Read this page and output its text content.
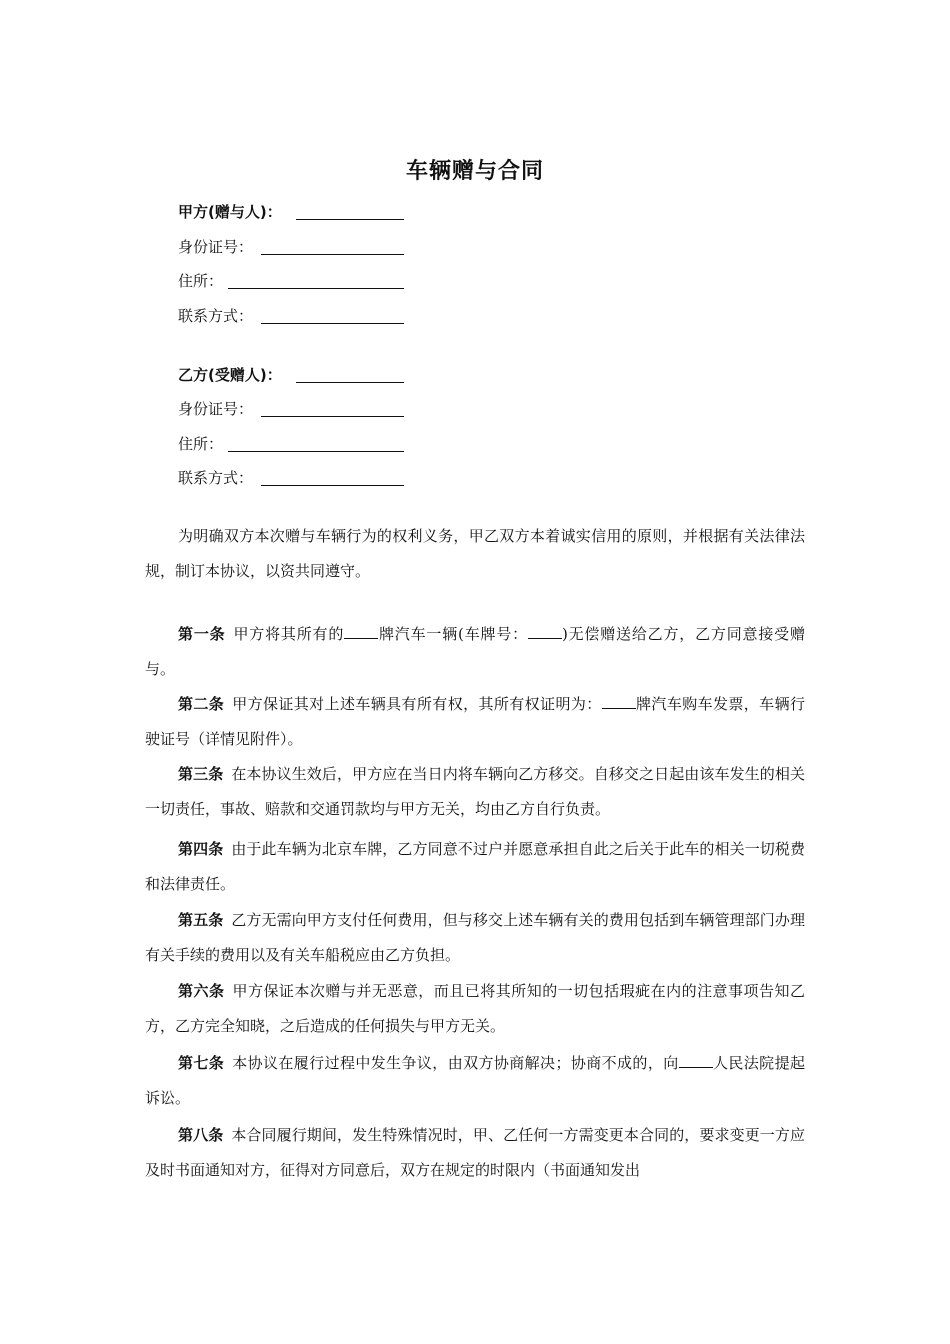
车辆赠与合同
甲方(赠与人)：
身份证号：
住所：
联系方式：
乙方(受赠人)：
身份证号：
住所：
联系方式：
为明确双方本次赠与车辆行为的权利义务，甲乙双方本着诚实信用的原则，并根据有关法律法规，制订本协议，以资共同遵守。
第一条 甲方将其所有的 牌汽车一辆(车牌号： )无偿赠送给乙方，乙方同意接受赠与。
第二条 甲方保证其对上述车辆具有所有权，其所有权证明为： 牌汽车购车发票，车辆行驶证号（详情见附件）。
第三条 在本协议生效后，甲方应在当日内将车辆向乙方移交。自移交之日起由该车发生的相关一切责任，事故、赔款和交通罚款均与甲方无关，均由乙方自行负责。
第四条 由于此车辆为北京车牌，乙方同意不过户并愿意承担自此之后关于此车的相关一切税费和法律责任。
第五条 乙方无需向甲方支付任何费用，但与移交上述车辆有关的费用包括到车辆管理部门办理有关手续的费用以及有关车船税应由乙方负担。
第六条 甲方保证本次赠与并无恶意，而且已将其所知的一切包括瑕疵在内的注意事项告知乙方，乙方完全知晓，之后造成的任何损失与甲方无关。
第七条 本协议在履行过程中发生争议，由双方协商解决；协商不成的，向 人民法院提起诉讼。
第八条 本合同履行期间，发生特殊情况时，甲、乙任何一方需变更本合同的，要求变更一方应及时书面通知对方，征得对方同意后，双方在规定的时限内（书面通知发出
